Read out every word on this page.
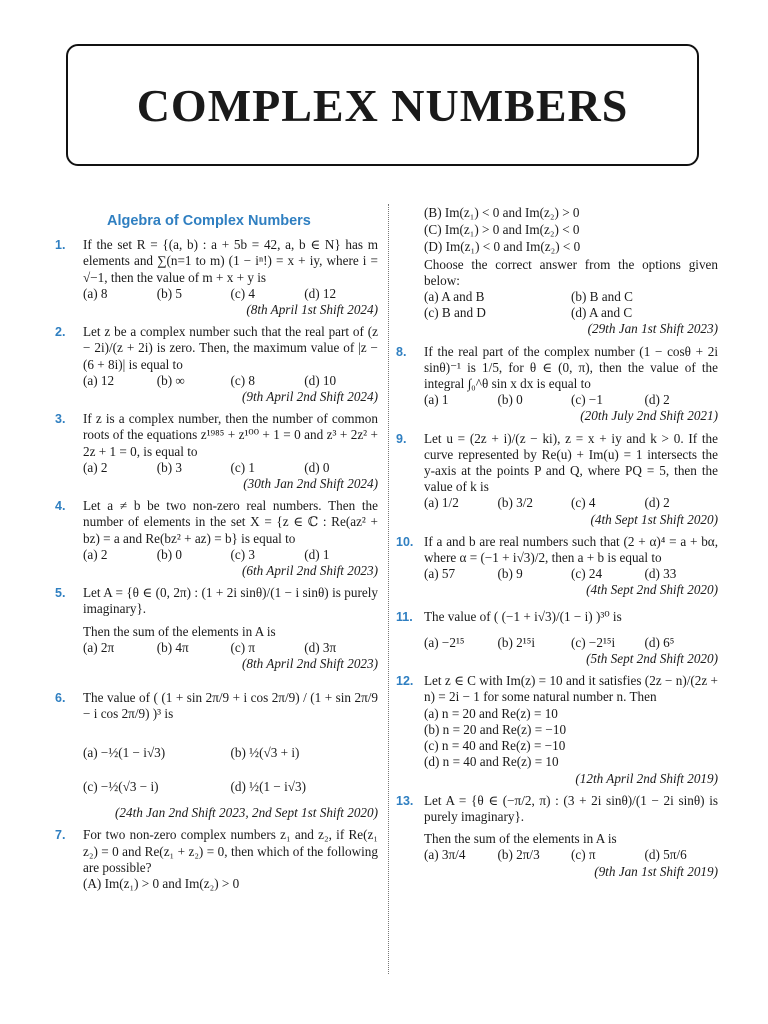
COMPLEX NUMBERS
Algebra of Complex Numbers
1. If the set R = {(a, b) : a + 5b = 42, a, b ∈ N} has m elements and ∑(n=1 to m) (1 − iⁿ!) = x + iy, where i = √−1, then the value of m + x + y is
(a) 8	(b) 5	(c) 4	(d) 12
(8th April 1st Shift 2024)
2. Let z be a complex number such that the real part of (z − 2i)/(z + 2i) is zero. Then, the maximum value of |z − (6 + 8i)| is equal to
(a) 12	(b) ∞	(c) 8	(d) 10
(9th April 2nd Shift 2024)
3. If z is a complex number, then the number of common roots of the equations z¹⁹⁸⁵ + z¹⁰⁰ + 1 = 0 and z³ + 2z² + 2z + 1 = 0, is equal to
(a) 2	(b) 3	(c) 1	(d) 0
(30th Jan 2nd Shift 2024)
4. Let a ≠ b be two non-zero real numbers. Then the number of elements in the set X = {z ∈ ℂ : Re(az² + bz) = a and Re(bz² + az) = b} is equal to
(a) 2	(b) 0	(c) 3	(d) 1
(6th April 2nd Shift 2023)
5. Let A = {θ ∈ (0, 2π) : (1 + 2i sinθ)/(1 − i sinθ) is purely imaginary}.
Then the sum of the elements in A is
(a) 2π	(b) 4π	(c) π	(d) 3π
(8th April 2nd Shift 2023)
6. The value of ( (1 + sin 2π/9 + i cos 2π/9) / (1 + sin 2π/9 − i cos 2π/9) )³ is
(a) −½(1 − i√3)	(b) ½(√3 + i)
(c) −½(√3 − i)	(d) ½(1 − i√3)
(24th Jan 2nd Shift 2023, 2nd Sept 1st Shift 2020)
7. For two non-zero complex numbers z₁ and z₂, if Re(z₁ z₂) = 0 and Re(z₁ + z₂) = 0, then which of the following are possible?
(A) Im(z₁) > 0 and Im(z₂) > 0
(B) Im(z₁) < 0 and Im(z₂) > 0
(C) Im(z₁) > 0 and Im(z₂) < 0
(D) Im(z₁) < 0 and Im(z₂) < 0
Choose the correct answer from the options given below:
(a) A and B	(b) B and C
(c) B and D	(d) A and C
(29th Jan 1st Shift 2023)
8. If the real part of the complex number (1 − cosθ + 2i sinθ)⁻¹ is 1/5, for θ ∈ (0, π), then the value of the integral ∫₀^θ sin x dx is equal to
(a) 1	(b) 0	(c) −1	(d) 2
(20th July 2nd Shift 2021)
9. Let u = (2z + i)/(z − ki), z = x + iy and k > 0. If the curve represented by Re(u) + Im(u) = 1 intersects the y-axis at the points P and Q, where PQ = 5, then the value of k is
(a) 1/2	(b) 3/2	(c) 4	(d) 2
(4th Sept 1st Shift 2020)
10. If a and b are real numbers such that (2 + α)⁴ = a + bα, where α = (−1 + i√3)/2, then a + b is equal to
(a) 57	(b) 9	(c) 24	(d) 33
(4th Sept 2nd Shift 2020)
11. The value of ( (−1 + i√3)/(1 − i) )³⁰ is
(a) −2¹⁵	(b) 2¹⁵i	(c) −2¹⁵i	(d) 6⁵
(5th Sept 2nd Shift 2020)
12. Let z ∈ C with Im(z) = 10 and it satisfies (2z − n)/(2z + n) = 2i − 1 for some natural number n. Then
(a) n = 20 and Re(z) = 10
(b) n = 20 and Re(z) = −10
(c) n = 40 and Re(z) = −10
(d) n = 40 and Re(z) = 10
(12th April 2nd Shift 2019)
13. Let A = {θ ∈ (−π/2, π) : (3 + 2i sinθ)/(1 − 2i sinθ) is purely imaginary}.
Then the sum of the elements in A is
(a) 3π/4	(b) 2π/3	(c) π	(d) 5π/6
(9th Jan 1st Shift 2019)
